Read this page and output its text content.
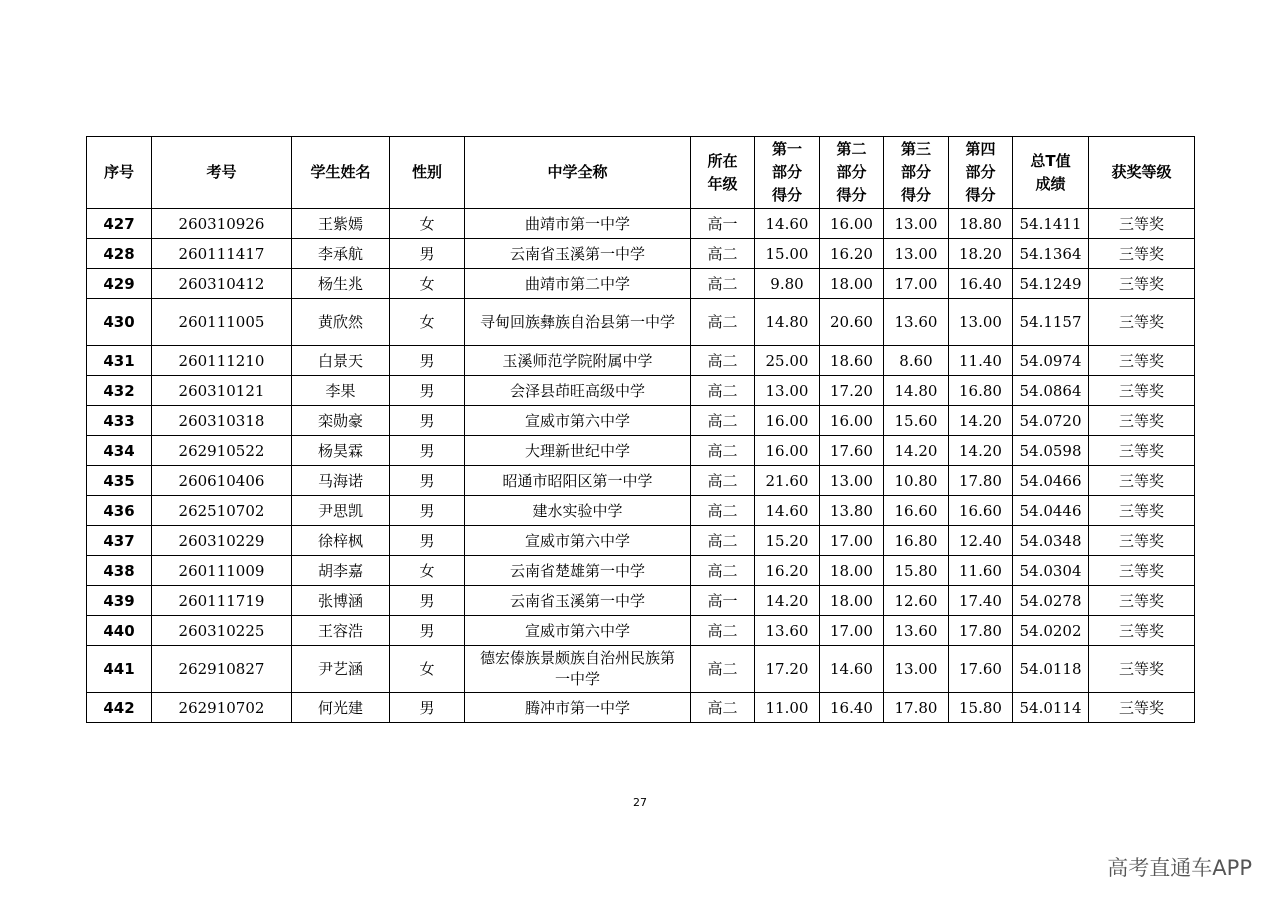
序号	考号	学生姓名	性别	中学全称	所在年级	第一部分得分	第二部分得分	第三部分得分	第四部分得分	总T值成绩	获奖等级
427	260310926	王紫嫣	女	曲靖市第一中学	高一	14.60	16.00	13.00	18.80	54.1411	三等奖
428	260111417	李承航	男	云南省玉溪第一中学	高二	15.00	16.20	13.00	18.20	54.1364	三等奖
429	260310412	杨生兆	女	曲靖市第二中学	高二	9.80	18.00	17.00	16.40	54.1249	三等奖
430	260111005	黄欣然	女	寻甸回族彝族自治县第一中学	高二	14.80	20.60	13.60	13.00	54.1157	三等奖
431	260111210	白景天	男	玉溪师范学院附属中学	高二	25.00	18.60	8.60	11.40	54.0974	三等奖
432	260310121	李果	男	会泽县茚旺高级中学	高二	13.00	17.20	14.80	16.80	54.0864	三等奖
433	260310318	栾勋豪	男	宣威市第六中学	高二	16.00	16.00	15.60	14.20	54.0720	三等奖
434	262910522	杨昊霖	男	大理新世纪中学	高二	16.00	17.60	14.20	14.20	54.0598	三等奖
435	260610406	马海诺	男	昭通市昭阳区第一中学	高二	21.60	13.00	10.80	17.80	54.0466	三等奖
436	262510702	尹思凯	男	建水实验中学	高二	14.60	13.80	16.60	16.60	54.0446	三等奖
437	260310229	徐梓枫	男	宣威市第六中学	高二	15.20	17.00	16.80	12.40	54.0348	三等奖
438	260111009	胡李嘉	女	云南省楚雄第一中学	高二	16.20	18.00	15.80	11.60	54.0304	三等奖
439	260111719	张博涵	男	云南省玉溪第一中学	高一	14.20	18.00	12.60	17.40	54.0278	三等奖
440	260310225	王容浩	男	宣威市第六中学	高二	13.60	17.00	13.60	17.80	54.0202	三等奖
441	262910827	尹艺涵	女	德宏傣族景颇族自治州民族第一中学	高二	17.20	14.60	13.00	17.60	54.0118	三等奖
442	262910702	何光建	男	腾冲市第一中学	高二	11.00	16.40	17.80	15.80	54.0114	三等奖
27
高考直通车APP
